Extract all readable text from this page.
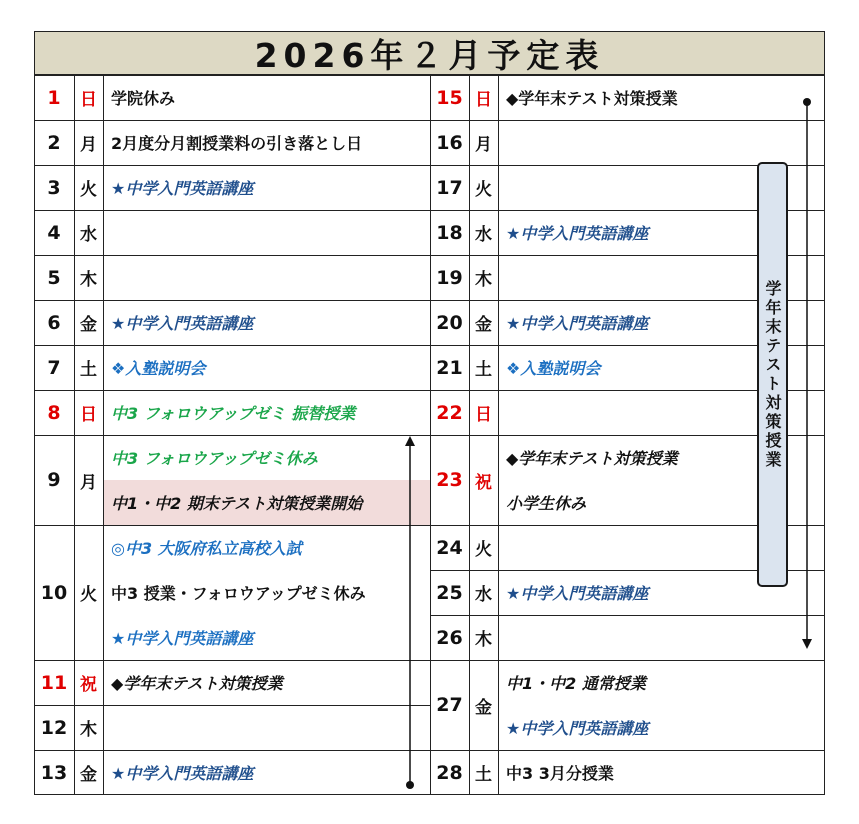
2026年２月予定表
1	日 学院休み
2	月 2月度分月割授業料の引き落とし日
3	火 ★中学入門英語講座
4	水
5	木
6	金 ★中学入門英語講座
7	土 ❖入塾説明会
8	日 中3 フォロウアップゼミ 振替授業
9	月
中3 フォロウアップゼミ休み
中1・中2 期末テスト対策授業開始
10 火
◎中3 大阪府私立高校入試
中3 授業・フォロウアップゼミ休み
★中学入門英語講座
11 祝 ◆学年末テスト対策授業
12 木
13 金 ★中学入門英語講座
15 日 ◆学年末テスト対策授業
16 月
17 火
18 水 ★中学入門英語講座
19 木
20 金 ★中学入門英語講座
21 土 ❖入塾説明会
22 日
23 祝
◆学年末テスト対策授業
小学生休み
24 火
25 水 ★中学入門英語講座
26 木
27 金
中1・中2 通常授業
★中学入門英語講座
28 土 中3 3月分授業
学年末テスト対策授業
